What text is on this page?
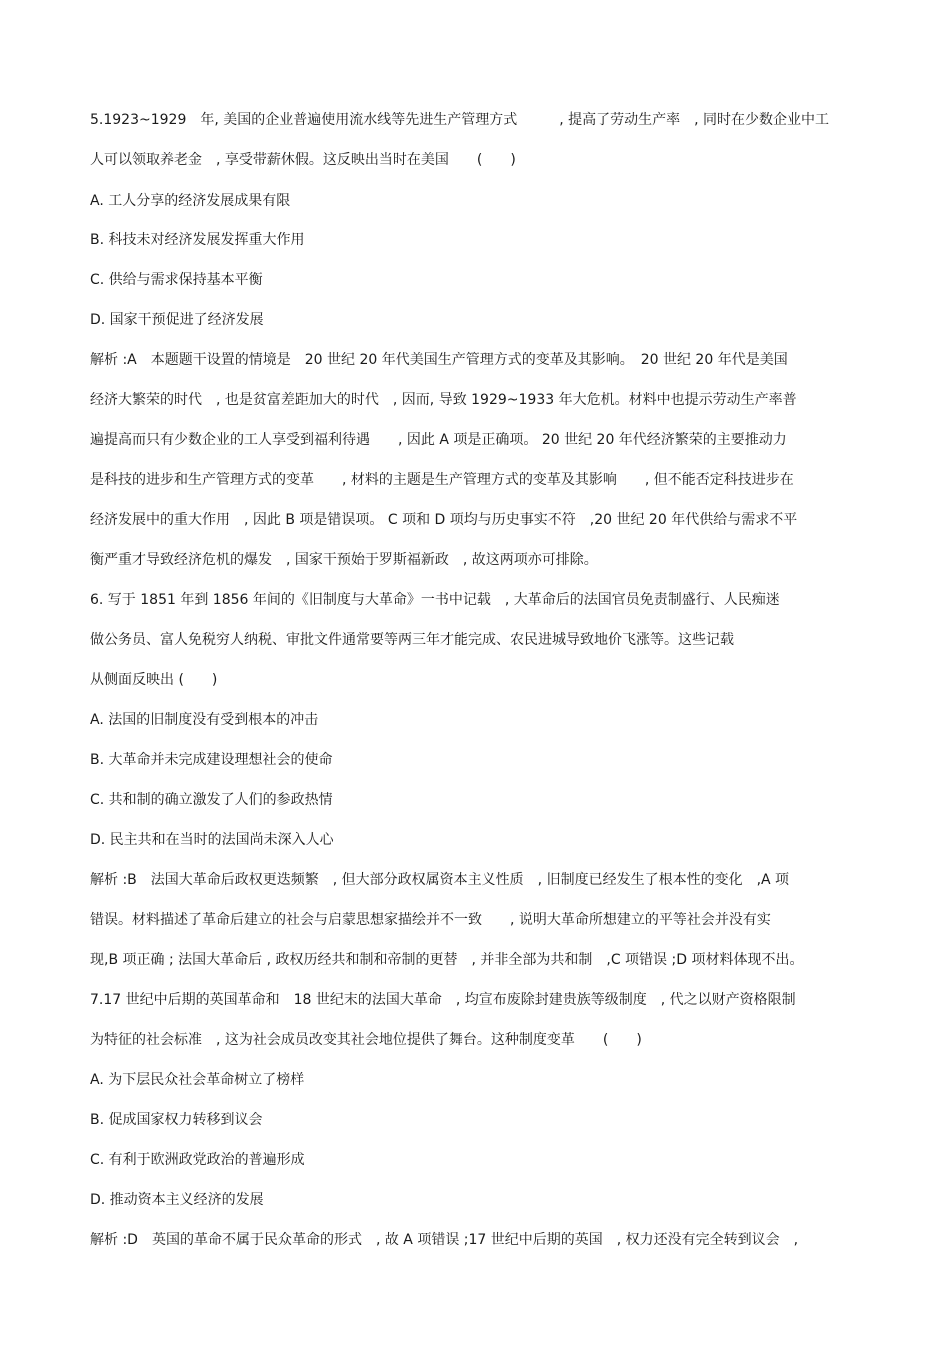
5.1923~1929　年, 美国的企业普遍使用流水线等先进生产管理方式　　　, 提高了劳动生产率　, 同时在少数企业中工
人可以领取养老金　, 享受带薪休假。这反映出当时在美国　　(　　)
A. 工人分享的经济发展成果有限
B. 科技未对经济发展发挥重大作用
C. 供给与需求保持基本平衡
D. 国家干预促进了经济发展
解析 :A　本题题干设置的情境是　20 世纪 20 年代美国生产管理方式的变革及其影响。　20 世纪 20 年代是美国
经济大繁荣的时代　, 也是贫富差距加大的时代　, 因而, 导致 1929~1933 年大危机。材料中也提示劳动生产率普
遍提高而只有少数企业的工人享受到福利待遇　　, 因此 A 项是正确项。 20 世纪 20 年代经济繁荣的主要推动力
是科技的进步和生产管理方式的变革　　, 材料的主题是生产管理方式的变革及其影响　　, 但不能否定科技进步在
经济发展中的重大作用　, 因此 B 项是错误项。 C 项和 D 项均与历史事实不符　,20 世纪 20 年代供给与需求不平
衡严重才导致经济危机的爆发　, 国家干预始于罗斯福新政　, 故这两项亦可排除。
6. 写于 1851 年到 1856 年间的《旧制度与大革命》一书中记载　, 大革命后的法国官员免责制盛行、人民痴迷
做公务员、富人免税穷人纳税、审批文件通常要等两三年才能完成、农民进城导致地价飞涨等。这些记载
从侧面反映出 (　　)
A. 法国的旧制度没有受到根本的冲击
B. 大革命并未完成建设理想社会的使命
C. 共和制的确立激发了人们的参政热情
D. 民主共和在当时的法国尚未深入人心
解析 :B　法国大革命后政权更迭频繁　, 但大部分政权属资本主义性质　, 旧制度已经发生了根本性的变化　,A 项
错误。材料描述了革命后建立的社会与启蒙思想家描绘并不一致　　, 说明大革命所想建立的平等社会并没有实
现,B 项正确 ; 法国大革命后 , 政权历经共和制和帝制的更替　, 并非全部为共和制　,C 项错误 ;D 项材料体现不出。
7.17 世纪中后期的英国革命和　18 世纪末的法国大革命　, 均宣布废除封建贵族等级制度　, 代之以财产资格限制
为特征的社会标准　, 这为社会成员改变其社会地位提供了舞台。这种制度变革　　(　　)
A. 为下层民众社会革命树立了榜样
B. 促成国家权力转移到议会
C. 有利于欧洲政党政治的普遍形成
D. 推动资本主义经济的发展
解析 :D　英国的革命不属于民众革命的形式　, 故 A 项错误 ;17 世纪中后期的英国　, 权力还没有完全转到议会　,
